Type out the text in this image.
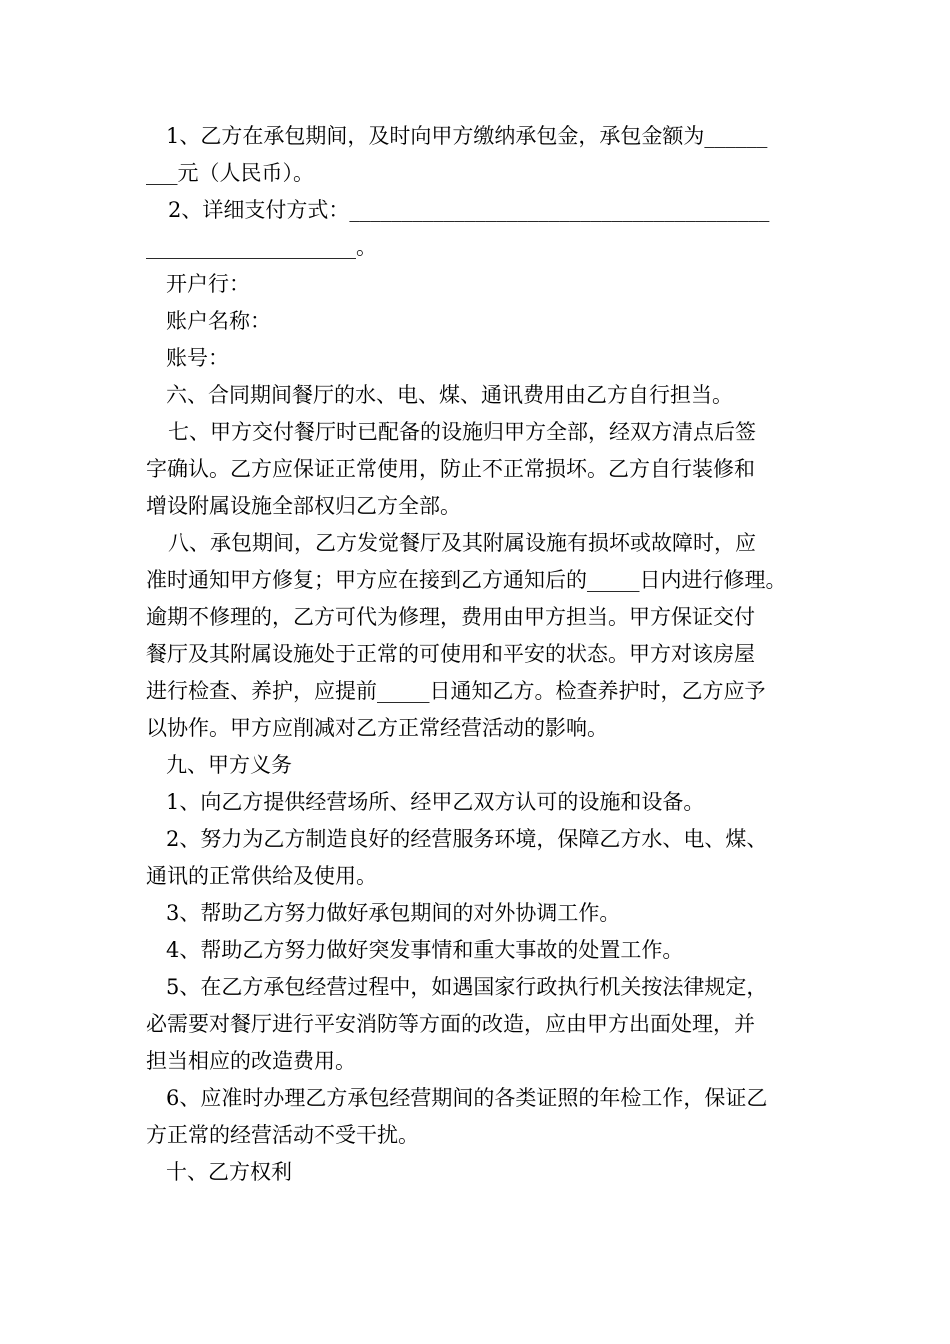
1、乙方在承包期间，及时向甲方缴纳承包金，承包金额为______

___元（人民币）。

2、详细支付方式：________________________________________

____________________。

开户行：

账户名称：

账号：

六、合同期间餐厅的水、电、煤、通讯费用由乙方自行担当。

七、甲方交付餐厅时已配备的设施归甲方全部，经双方清点后签

字确认。乙方应保证正常使用，防止不正常损坏。乙方自行装修和

增设附属设施全部权归乙方全部。

八、承包期间，乙方发觉餐厅及其附属设施有损坏或故障时，应

准时通知甲方修复；甲方应在接到乙方通知后的_____日内进行修理。

逾期不修理的，乙方可代为修理，费用由甲方担当。甲方保证交付

餐厅及其附属设施处于正常的可使用和平安的状态。甲方对该房屋

进行检查、养护，应提前_____日通知乙方。检查养护时，乙方应予

以协作。甲方应削减对乙方正常经营活动的影响。

九、甲方义务

1、向乙方提供经营场所、经甲乙双方认可的设施和设备。

2、努力为乙方制造良好的经营服务环境，保障乙方水、电、煤、

通讯的正常供给及使用。

3、帮助乙方努力做好承包期间的对外协调工作。

4、帮助乙方努力做好突发事情和重大事故的处置工作。

5、在乙方承包经营过程中，如遇国家行政执行机关按法律规定，

必需要对餐厅进行平安消防等方面的改造，应由甲方出面处理，并

担当相应的改造费用。

6、应准时办理乙方承包经营期间的各类证照的年检工作，保证乙

方正常的经营活动不受干扰。

十、乙方权利
